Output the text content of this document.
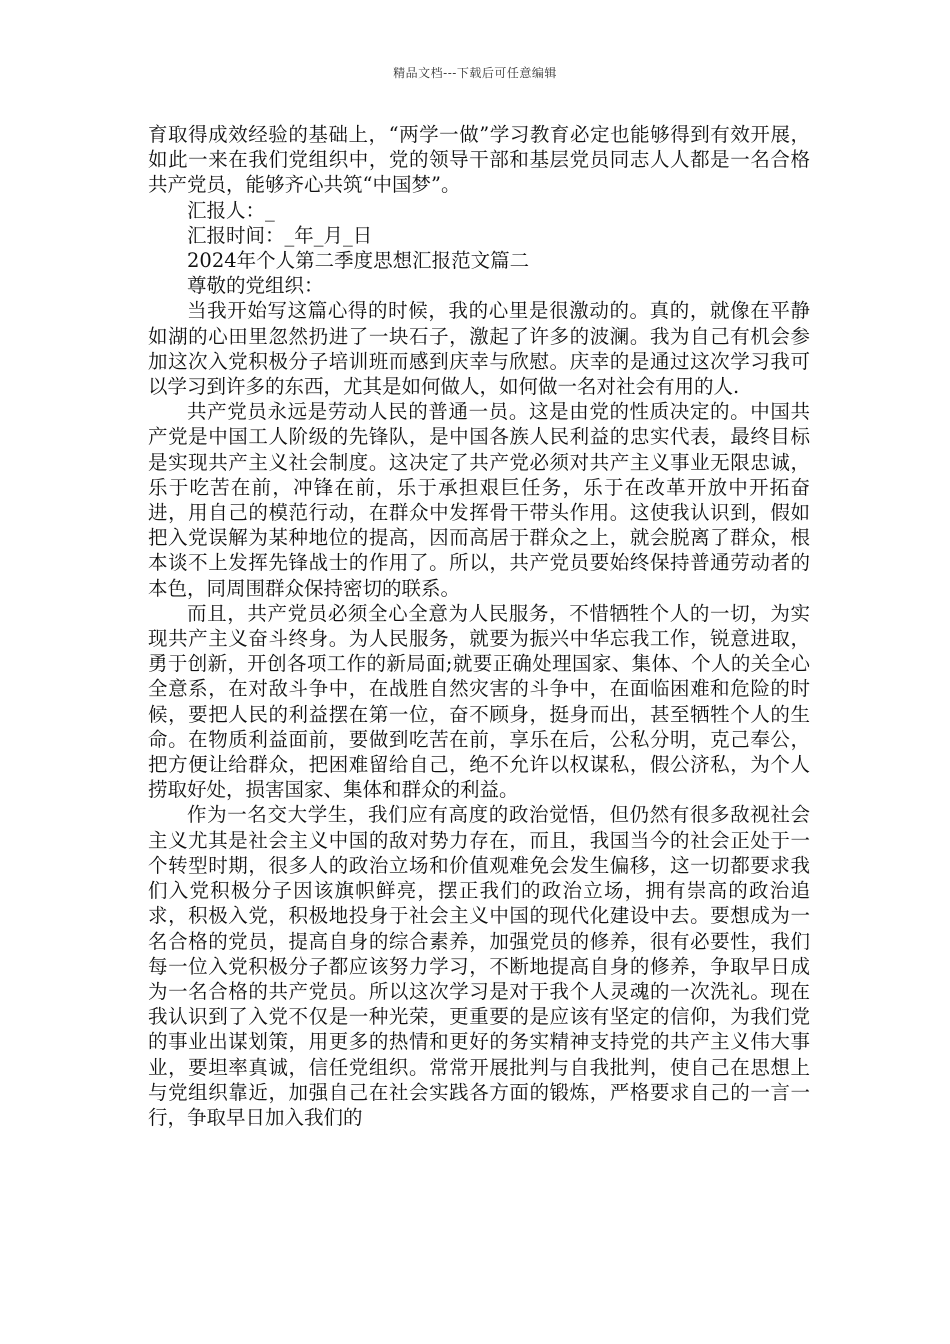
精品文档---下载后可任意编辑

育取得成效经验的基础上，“两学一做”学习教育必定也能够得到有效开展，如此一来在我们党组织中，党的领导干部和基层党员同志人人都是一名合格共产党员，能够齐心共筑“中国梦”。

汇报人：_

汇报时间：_年_月_日

2024年个人第二季度思想汇报范文篇二

尊敬的党组织：

当我开始写这篇心得的时候，我的心里是很激动的。真的，就像在平静如湖的心田里忽然扔进了一块石子，激起了许多的波澜。我为自己有机会参加这次入党积极分子培训班而感到庆幸与欣慰。庆幸的是通过这次学习我可以学习到许多的东西，尤其是如何做人，如何做一名对社会有用的人.

共产党员永远是劳动人民的普通一员。这是由党的性质决定的。中国共产党是中国工人阶级的先锋队，是中国各族人民利益的忠实代表，最终目标是实现共产主义社会制度。这决定了共产党必须对共产主义事业无限忠诚，乐于吃苦在前，冲锋在前，乐于承担艰巨任务，乐于在改革开放中开拓奋进，用自己的模范行动，在群众中发挥骨干带头作用。这使我认识到，假如把入党误解为某种地位的提高，因而高居于群众之上，就会脱离了群众，根本谈不上发挥先锋战士的作用了。所以，共产党员要始终保持普通劳动者的本色，同周围群众保持密切的联系。

而且，共产党员必须全心全意为人民服务，不惜牺牲个人的一切，为实现共产主义奋斗终身。为人民服务，就要为振兴中华忘我工作，锐意进取，勇于创新，开创各项工作的新局面;就要正确处理国家、集体、个人的关全心全意系，在对敌斗争中，在战胜自然灾害的斗争中，在面临困难和危险的时候，要把人民的利益摆在第一位，奋不顾身，挺身而出，甚至牺牲个人的生命。在物质利益面前，要做到吃苦在前，享乐在后，公私分明，克己奉公，把方便让给群众，把困难留给自己，绝不允许以权谋私，假公济私，为个人捞取好处，损害国家、集体和群众的利益。

作为一名交大学生，我们应有高度的政治觉悟，但仍然有很多敌视社会主义尤其是社会主义中国的敌对势力存在，而且，我国当今的社会正处于一个转型时期，很多人的政治立场和价值观难免会发生偏移，这一切都要求我们入党积极分子因该旗帜鲜亮，摆正我们的政治立场，拥有崇高的政治追求，积极入党，积极地投身于社会主义中国的现代化建设中去。要想成为一名合格的党员，提高自身的综合素养，加强党员的修养，很有必要性，我们每一位入党积极分子都应该努力学习，不断地提高自身的修养，争取早日成为一名合格的共产党员。所以这次学习是对于我个人灵魂的一次洗礼。现在我认识到了入党不仅是一种光荣，更重要的是应该有坚定的信仰，为我们党的事业出谋划策，用更多的热情和更好的务实精神支持党的共产主义伟大事业，要坦率真诚，信任党组织。常常开展批判与自我批判，使自己在思想上与党组织靠近，加强自己在社会实践各方面的锻炼，严格要求自己的一言一行，争取早日加入我们的
